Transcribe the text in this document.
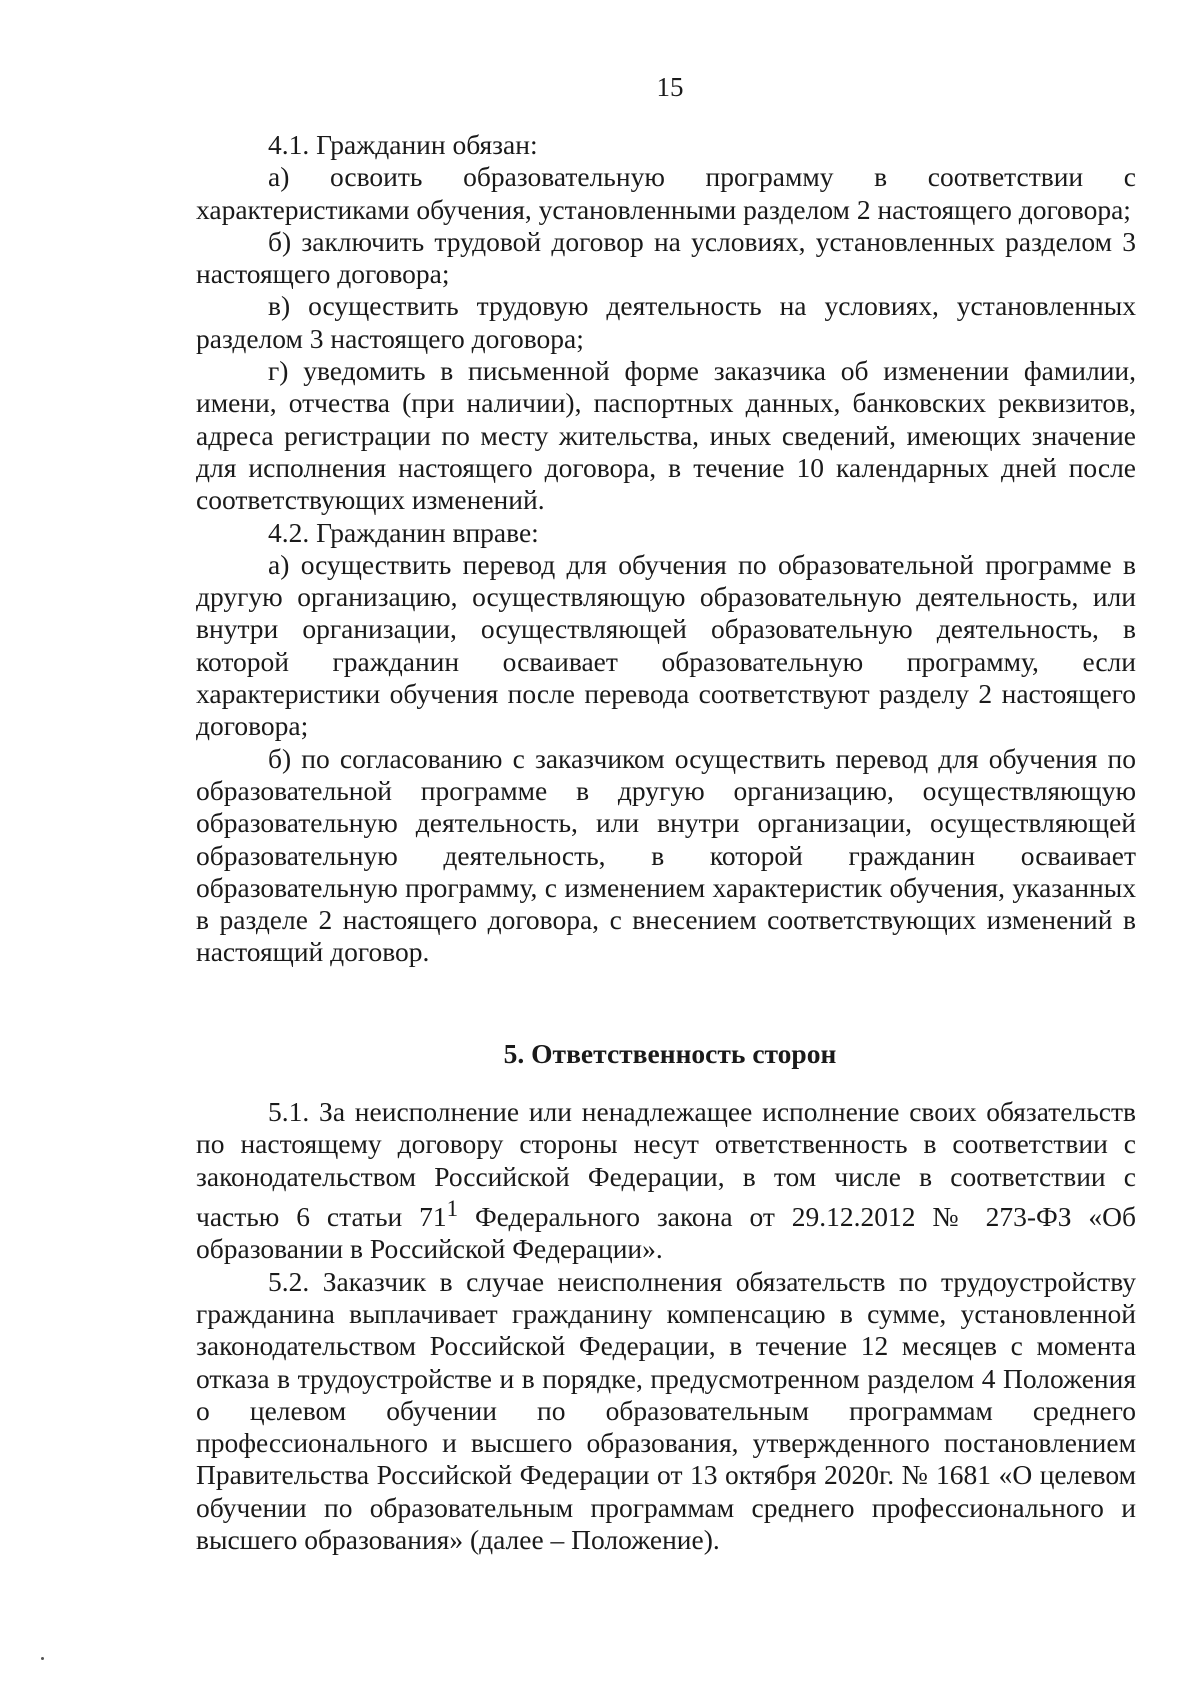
15

4.1. Гражданин обязан:

а) освоить образовательную программу в соответствии с характеристиками обучения, установленными разделом 2 настоящего договора;

б) заключить трудовой договор на условиях, установленных разделом 3 настоящего договора;

в) осуществить трудовую деятельность на условиях, установленных разделом 3 настоящего договора;

г) уведомить в письменной форме заказчика об изменении фамилии, имени, отчества (при наличии), паспортных данных, банковских реквизитов, адреса регистрации по месту жительства, иных сведений, имеющих значение для исполнения настоящего договора, в течение 10 календарных дней после соответствующих изменений.

4.2. Гражданин вправе:

а) осуществить перевод для обучения по образовательной программе в другую организацию, осуществляющую образовательную деятельность, или внутри организации, осуществляющей образовательную деятельность, в которой гражданин осваивает образовательную программу, если характеристики обучения после перевода соответствуют разделу 2 настоящего договора;

б) по согласованию с заказчиком осуществить перевод для обучения по образовательной программе в другую организацию, осуществляющую образовательную деятельность, или внутри организации, осуществляющей образовательную деятельность, в которой гражданин осваивает образовательную программу, с изменением характеристик обучения, указанных в разделе 2 настоящего договора, с внесением соответствующих изменений в настоящий договор.

5. Ответственность сторон

5.1. За неисполнение или ненадлежащее исполнение своих обязательств по настоящему договору стороны несут ответственность в соответствии с законодательством Российской Федерации, в том числе в соответствии с частью 6 статьи $71^1$ Федерального закона от 29.12.2012 № 273-ФЗ «Об образовании в Российской Федерации».

5.2. Заказчик в случае неисполнения обязательств по трудоустройству гражданина выплачивает гражданину компенсацию в сумме, установленной законодательством Российской Федерации, в течение 12 месяцев с момента отказа в трудоустройстве и в порядке, предусмотренном разделом 4 Положения о целевом обучении по образовательным программам среднего профессионального и высшего образования, утвержденного постановлением Правительства Российской Федерации от 13 октября 2020г. № 1681 «О целевом обучении по образовательным программам среднего профессионального и высшего образования» (далее – Положение).
